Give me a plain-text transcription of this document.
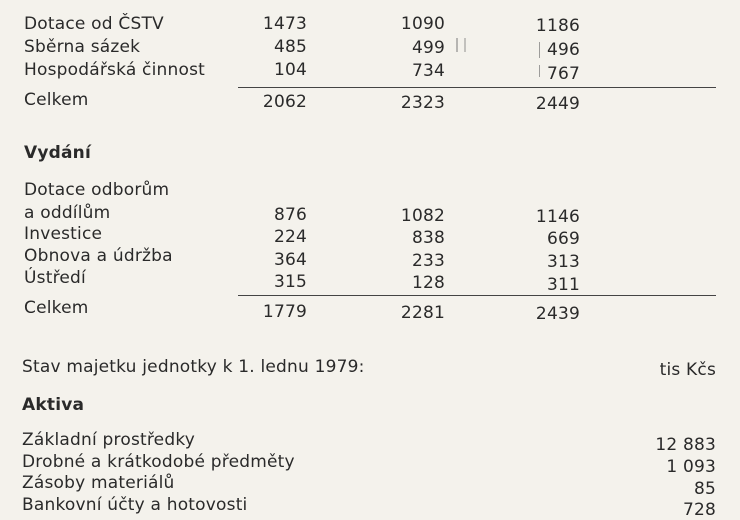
Dotace od ČSTV	1473	1090	1186
Sběrna sázek	485	499	496
Hospodářská činnost	104	734	767
Celkem	2062	2323	2449
Vydání
Dotace odborům
a oddílům	876	1082	1146
Investice	224	838	669
Obnova a údržba	364	233	313
Ústředí	315	128	311
Celkem	1779	2281	2439
Stav majetku jednotky k 1. lednu 1979:	tis Kčs
Aktiva
Základní prostředky	12 883
Drobné a krátkodobé předměty	1 093
Zásoby materiálů	85
Bankovní účty a hotovosti	728
